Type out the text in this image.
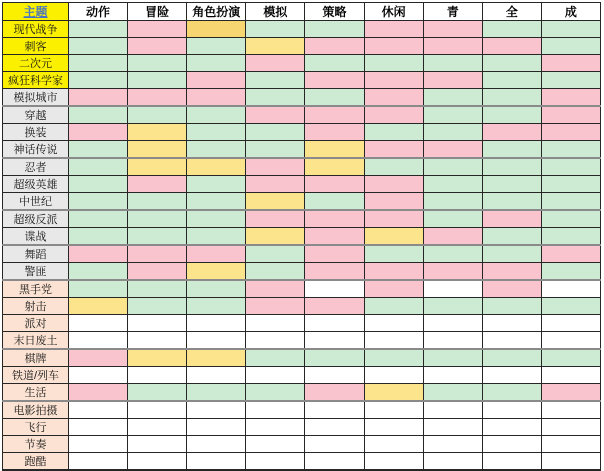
主题	动作	冒险	角色扮演	模拟	策略	休闲	青	全	成
现代战争									
刺客									
二次元									
疯狂科学家									
模拟城市									
穿越									
换装									
神话传说									
忍者									
超级英雄									
中世纪									
超级反派									
谍战									
舞蹈									
警匪									
黑手党									
射击									
派对									
末日废土									
棋牌									
铁道/列车									
生活									
电影拍摄									
飞行									
节奏									
跑酷									
